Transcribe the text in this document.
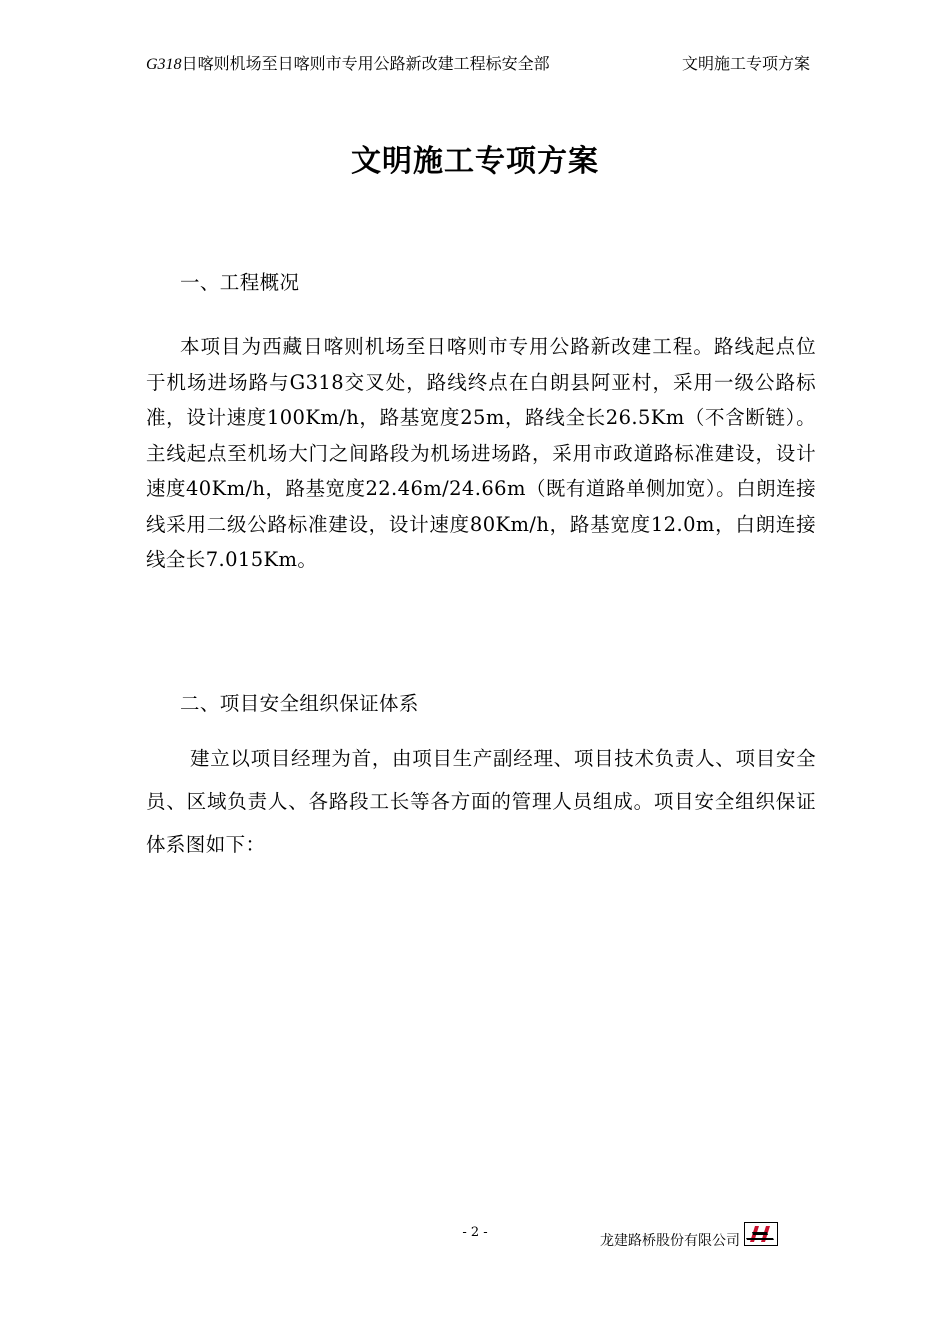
G318日喀则机场至日喀则市专用公路新改建工程标安全部	文明施工专项方案
文明施工专项方案
一、工程概况
本项目为西藏日喀则机场至日喀则市专用公路新改建工程。路线起点位于机场进场路与G318交叉处，路线终点在白朗县阿亚村，采用一级公路标准，设计速度100Km/h，路基宽度25m，路线全长26.5Km（不含断链）。主线起点至机场大门之间路段为机场进场路，采用市政道路标准建设，设计速度40Km/h，路基宽度22.46m/24.66m（既有道路单侧加宽）。白朗连接线采用二级公路标准建设，设计速度80Km/h，路基宽度12.0m，白朗连接线全长7.015Km。
二、项目安全组织保证体系
建立以项目经理为首，由项目生产副经理、项目技术负责人、项目安全员、区域负责人、各路段工长等各方面的管理人员组成。项目安全组织保证体系图如下：
- 2 -
龙建路桥股份有限公司
